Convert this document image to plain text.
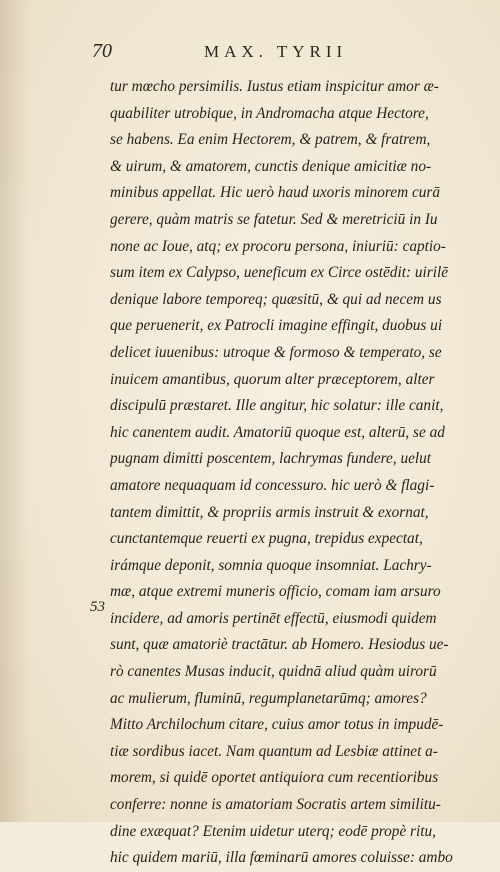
70	MAX. TYRII
53
tur mœcho persimilis. Iustus etiam inspicitur amor æ-
quabiliter utrobique, in Andromacha atque Hectore,
se habens. Ea enim Hectorem, & patrem, & fratrem,
& uirum, & amatorem, cunctis denique amicitiæ no-
minibus appellat. Hic uerò haud uxoris minorem curā
gerere, quàm matris se fatetur. Sed & meretriciū in Iu
none ac Ioue, atq; ex procoru persona, iniuriū: captio-
sum item ex Calypso, ueneficum ex Circe ostēdit: uirilē
denique labore temporeq; quæsitū, & qui ad necem us
que peruenerit, ex Patrocli imagine effingit, duobus ui
delicet iuuenibus: utroque & formoso & temperato, se
inuicem amantibus, quorum alter præceptorem, alter
discipulū præstaret. Ille angitur, hic solatur: ille canit,
hic canentem audit. Amatoriū quoque est, alterū, se ad
pugnam dimitti poscentem, lachrymas fundere, uelut
amatore nequaquam id concessuro. hic uerò & flagi-
tantem dimittit, & propriis armis instruit & exornat,
cunctantemque reuerti ex pugna, trepidus expectat,
irámque deponit, somnia quoque insomniat. Lachry-
mæ, atque extremi muneris officio, comam iam arsuro
incidere, ad amoris pertinēt effectū, eiusmodi quidem
sunt, quæ amatoriè tractātur. ab Homero. Hesiodus ue-
rò canentes Musas inducit, quidnā aliud quàm uirorū
ac mulierum, fluminū, regumplanetarūmq; amores?
Mitto Archilochum citare, cuius amor totus in impudē-
tiæ sordibus iacet. Nam quantum ad Lesbiæ attinet a-
morem, si quidē oportet antiquiora cum recentioribus
conferre: nonne is amatoriam Socratis artem similitu-
dine exæquat? Etenim uidetur uterq; eodē propè ritu,
hic quidem mariū, illa fœminarū amores coluisse: ambo
